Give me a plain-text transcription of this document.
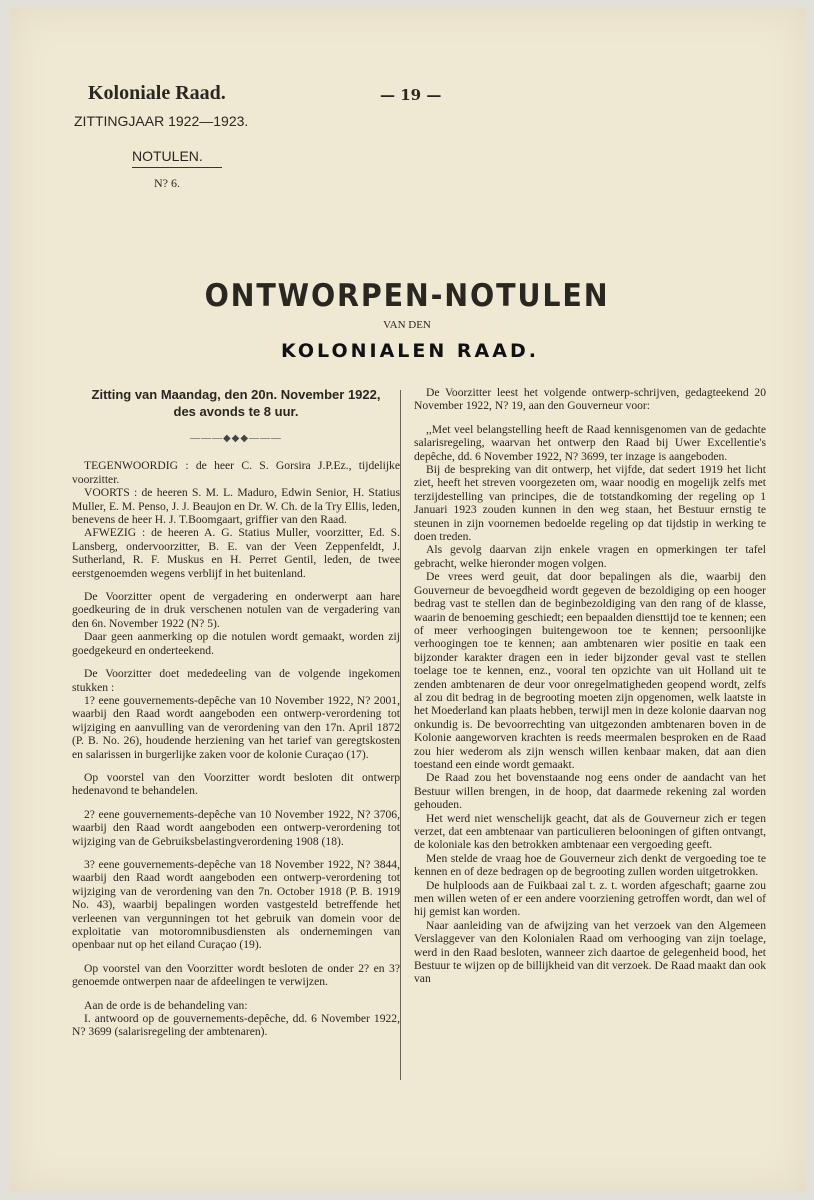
Koloniale Raad.	— 19 —
ZITTINGJAAR 1922—1923.
NOTULEN.
N? 6.
ONTWORPEN-NOTULEN
VAN DEN
KOLONIALEN RAAD.
Zitting van Maandag, den 20n. November 1922,
des avonds te 8 uur.
———◆◆◆———

TEGENWOORDIG : de heer C. S. Gorsira J.P.Ez., tijdelijke voorzitter.

VOORTS : de heeren S. M. L. Maduro, Edwin Senior, H. Statius Muller, E. M. Penso, J. J. Beaujon en Dr. W. Ch. de la Try Ellis, leden, benevens de heer H. J. T.Boomgaart, griffier van den Raad.

AFWEZIG : de heeren A. G. Statius Muller, voorzitter, Ed. S. Lansberg, ondervoorzitter, B. E. van der Veen Zeppenfeldt, J. Sutherland, R. F. Muskus en H. Perret Gentil, leden, de twee eerstgenoemden wegens verblijf in het buitenland.

De Voorzitter opent de vergadering en onderwerpt aan hare goedkeuring de in druk verschenen notulen van de vergadering van den 6n. November 1922 (N? 5).

Daar geen aanmerking op die notulen wordt gemaakt, worden zij goedgekeurd en onderteekend.

De Voorzitter doet mededeeling van de volgende ingekomen stukken :

1? eene gouvernements-depêche van 10 November 1922, N? 2001, waarbij den Raad wordt aangeboden een ontwerp-verordening tot wijziging en aanvulling van de verordening van den 17n. April 1872 (P. B. No. 26), houdende herziening van het tarief van geregtskosten en salarissen in burgerlijke zaken voor de kolonie Curaçao (17).

Op voorstel van den Voorzitter wordt besloten dit ontwerp hedenavond te behandelen.

2? eene gouvernements-depêche van 10 November 1922, N? 3706, waarbij den Raad wordt aangeboden een ontwerp-verordening tot wijziging van de Gebruiksbelastingverordening 1908 (18).

3? eene gouvernements-depêche van 18 November 1922, N? 3844, waarbij den Raad wordt aangeboden een ontwerp-verordening tot wijziging van de verordening van den 7n. October 1918 (P. B. 1919 No. 43), waarbij bepalingen worden vastgesteld betreffende het verleenen van vergunningen tot het gebruik van domein voor de exploitatie van motoromnibusdiensten als ondernemingen van openbaar nut op het eiland Curaçao (19).

Op voorstel van den Voorzitter wordt besloten de onder 2? en 3? genoemde ontwerpen naar de afdeelingen te verwijzen.

Aan de orde is de behandeling van:

I. antwoord op de gouvernements-depêche, dd. 6 November 1922, N? 3699 (salarisregeling der ambtenaren).

De Voorzitter leest het volgende ontwerp-schrijven, gedagteekend 20 November 1922, N? 19, aan den Gouverneur voor:

,,Met veel belangstelling heeft de Raad kennisgenomen van de gedachte salarisregeling, waarvan het ontwerp den Raad bij Uwer Excellentie's depêche, dd. 6 November 1922, N? 3699, ter inzage is aangeboden.

Bij de bespreking van dit ontwerp, het vijfde, dat sedert 1919 het licht ziet, heeft het streven voorgezeten om, waar noodig en mogelijk zelfs met terzijdestelling van principes, die de totstandkoming der regeling op 1 Januari 1923 zouden kunnen in den weg staan, het Bestuur ernstig te steunen in zijn voornemen bedoelde regeling op dat tijdstip in werking te doen treden.

Als gevolg daarvan zijn enkele vragen en opmerkingen ter tafel gebracht, welke hieronder mogen volgen.

De vrees werd geuit, dat door bepalingen als die, waarbij den Gouverneur de bevoegdheid wordt gegeven de bezoldiging op een hooger bedrag vast te stellen dan de beginbezoldiging van den rang of de klasse, waarin de benoeming geschiedt; een bepaalden diensttijd toe te kennen; een of meer verhoogingen buitengewoon toe te kennen; persoonlijke verhoogingen toe te kennen; aan ambtenaren wier positie en taak een bijzonder karakter dragen een in ieder bijzonder geval vast te stellen toelage toe te kennen, enz., vooral ten opzichte van uit Holland uit te zenden ambtenaren de deur voor onregelmatigheden geopend wordt, zelfs al zou dit bedrag in de begrooting moeten zijn opgenomen, welk laatste in het Moederland kan plaats hebben, terwijl men in deze kolonie daarvan nog onkundig is. De bevoorrechting van uitgezonden ambtenaren boven in de Kolonie aangeworven krachten is reeds meermalen besproken en de Raad zou hier wederom als zijn wensch willen kenbaar maken, dat aan dien toestand een einde wordt gemaakt.

De Raad zou het bovenstaande nog eens onder de aandacht van het Bestuur willen brengen, in de hoop, dat daarmede rekening zal worden gehouden.

Het werd niet wenschelijk geacht, dat als de Gouverneur zich er tegen verzet, dat een ambtenaar van particulieren belooningen of giften ontvangt, de koloniale kas den betrokken ambtenaar een vergoeding geeft.

Men stelde de vraag hoe de Gouverneur zich denkt de vergoeding toe te kennen en of deze bedragen op de begrooting zullen worden uitgetrokken.

De hulploods aan de Fuikbaai zal t. z. t. worden afgeschaft; gaarne zou men willen weten of er een andere voorziening getroffen wordt, dan wel of hij gemist kan worden.

Naar aanleiding van de afwijzing van het verzoek van den Algemeen Verslaggever van den Kolonialen Raad om verhooging van zijn toelage, werd in den Raad besloten, wanneer zich daartoe de gelegenheid bood, het Bestuur te wijzen op de billijkheid van dit verzoek. De Raad maakt dan ook van
